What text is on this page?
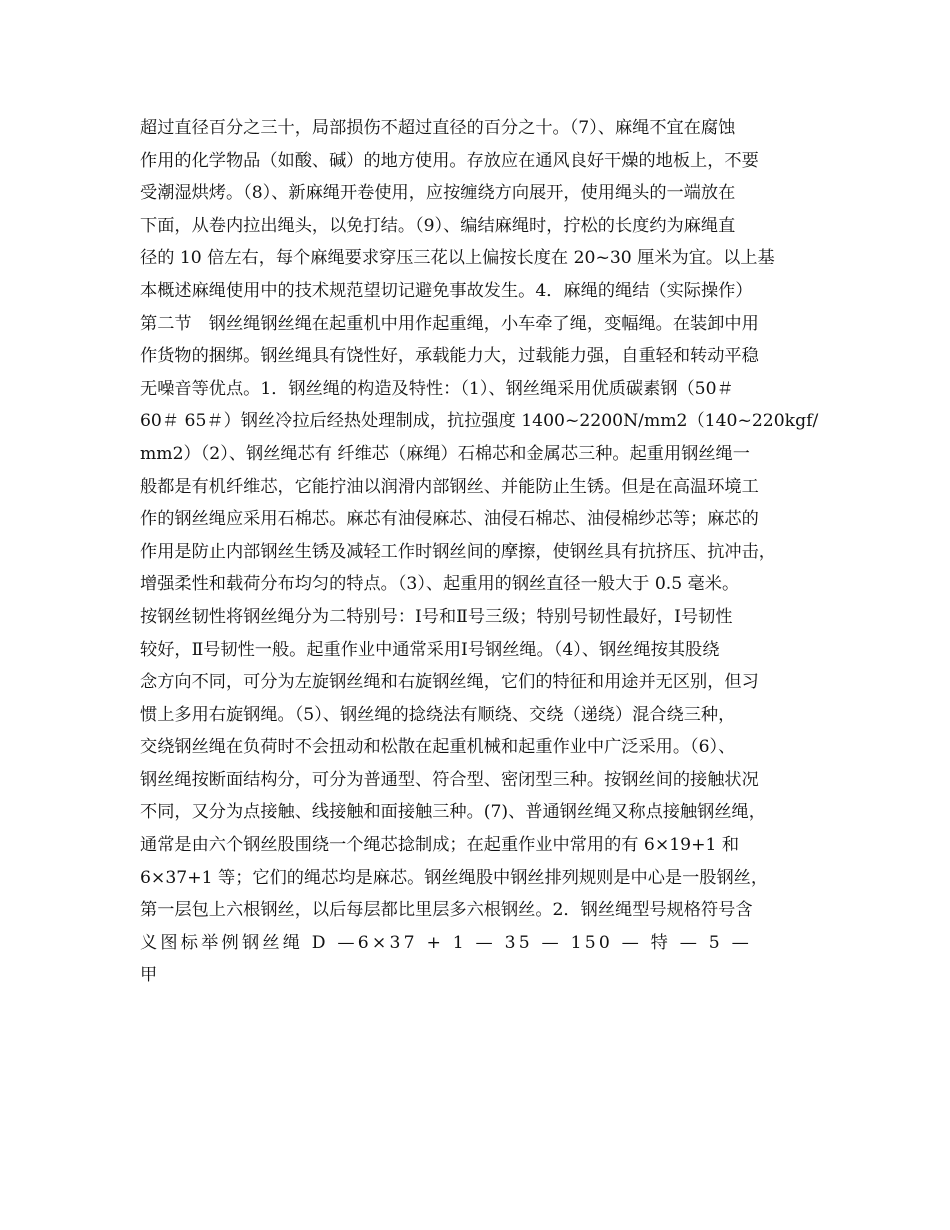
超过直径百分之三十，局部损伤不超过直径的百分之十。（7）、麻绳不宜在腐蚀
作用的化学物品（如酸、碱）的地方使用。存放应在通风良好干燥的地板上，不要
受潮湿烘烤。（8）、新麻绳开卷使用，应按缠绕方向展开，使用绳头的一端放在
下面，从卷内拉出绳头，以免打结。（9）、编结麻绳时，拧松的长度约为麻绳直
径的 10 倍左右，每个麻绳要求穿压三花以上偏按长度在 20~30 厘米为宜。以上基
本概述麻绳使用中的技术规范望切记避免事故发生。4．麻绳的绳结（实际操作）
第二节　钢丝绳钢丝绳在起重机中用作起重绳，小车牵了绳，变幅绳。在装卸中用
作货物的捆绑。钢丝绳具有饶性好，承载能力大，过载能力强，自重轻和转动平稳
无噪音等优点。1．钢丝绳的构造及特性：（1）、钢丝绳采用优质碳素钢（50＃
60＃ 65＃）钢丝冷拉后经热处理制成，抗拉强度 1400~2200N/mm2（140~220kgf/
mm2）（2）、钢丝绳芯有 纤维芯（麻绳）石棉芯和金属芯三种。起重用钢丝绳一
般都是有机纤维芯，它能拧油以润滑内部钢丝、并能防止生锈。但是在高温环境工
作的钢丝绳应采用石棉芯。麻芯有油侵麻芯、油侵石棉芯、油侵棉纱芯等；麻芯的
作用是防止内部钢丝生锈及减轻工作时钢丝间的摩擦，使钢丝具有抗挤压、抗冲击，
增强柔性和载荷分布均匀的特点。（3）、起重用的钢丝直径一般大于 0.5 毫米。
按钢丝韧性将钢丝绳分为二特别号：Ⅰ号和Ⅱ号三级；特别号韧性最好，Ⅰ号韧性
较好，Ⅱ号韧性一般。起重作业中通常采用Ⅰ号钢丝绳。（4）、钢丝绳按其股绕
念方向不同，可分为左旋钢丝绳和右旋钢丝绳，它们的特征和用途并无区别，但习
惯上多用右旋钢绳。（5）、钢丝绳的捻绕法有顺绕、交绕（递绕）混合绕三种，
交绕钢丝绳在负荷时不会扭动和松散在起重机械和起重作业中广泛采用。（6）、
钢丝绳按断面结构分，可分为普通型、符合型、密闭型三种。按钢丝间的接触状况
不同，又分为点接触、线接触和面接触三种。(7)、普通钢丝绳又称点接触钢丝绳，
通常是由六个钢丝股围绕一个绳芯捻制成；在起重作业中常用的有 6×19+1 和
6×37+1 等；它们的绳芯均是麻芯。钢丝绳股中钢丝排列规则是中心是一股钢丝，
第一层包上六根钢丝，以后每层都比里层多六根钢丝。2．钢丝绳型号规格符号含
义图标举例钢丝绳 D —6×37 + 1 — 35 — 150 — 特 — 5 —
甲
